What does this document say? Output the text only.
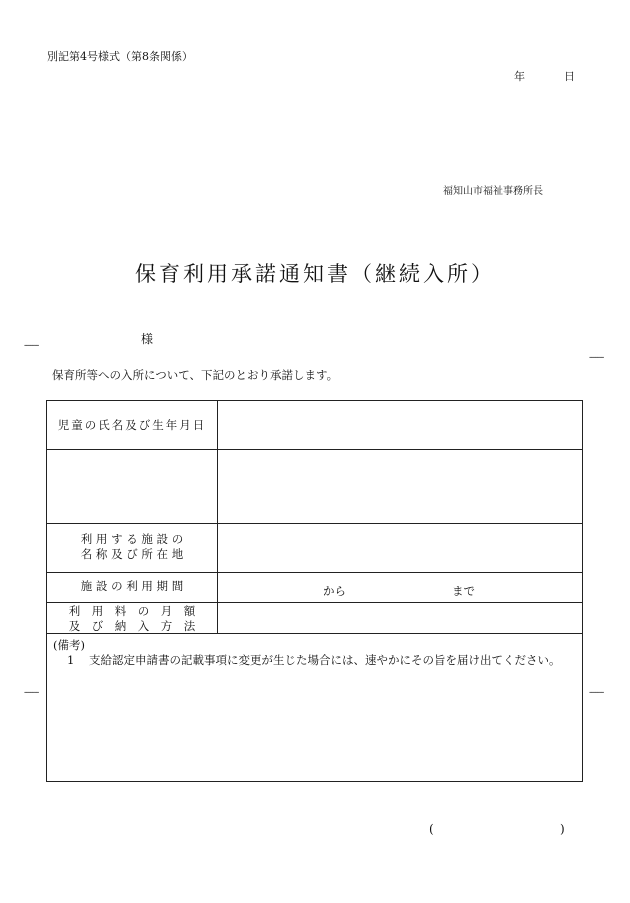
別記第4号様式（第8条関係）
年	日
福知山市福祉事務所長
保育利用承諾通知書（継続入所）
様
-------
-------
-------	-------
保育所等への入所について、下記のとおり承諾します。
児童の氏名及び生年月日
利 用 す る 施 設 の
名 称 及 び 所 在 地
施 設 の 利 用 期 間	から	まで
利　用　料　の　月　額
及　び　納　入　方　法
(備考)
1 支給認定申請書の記載事項に変更が生じた場合には、速やかにその旨を届け出てください。
(	)
